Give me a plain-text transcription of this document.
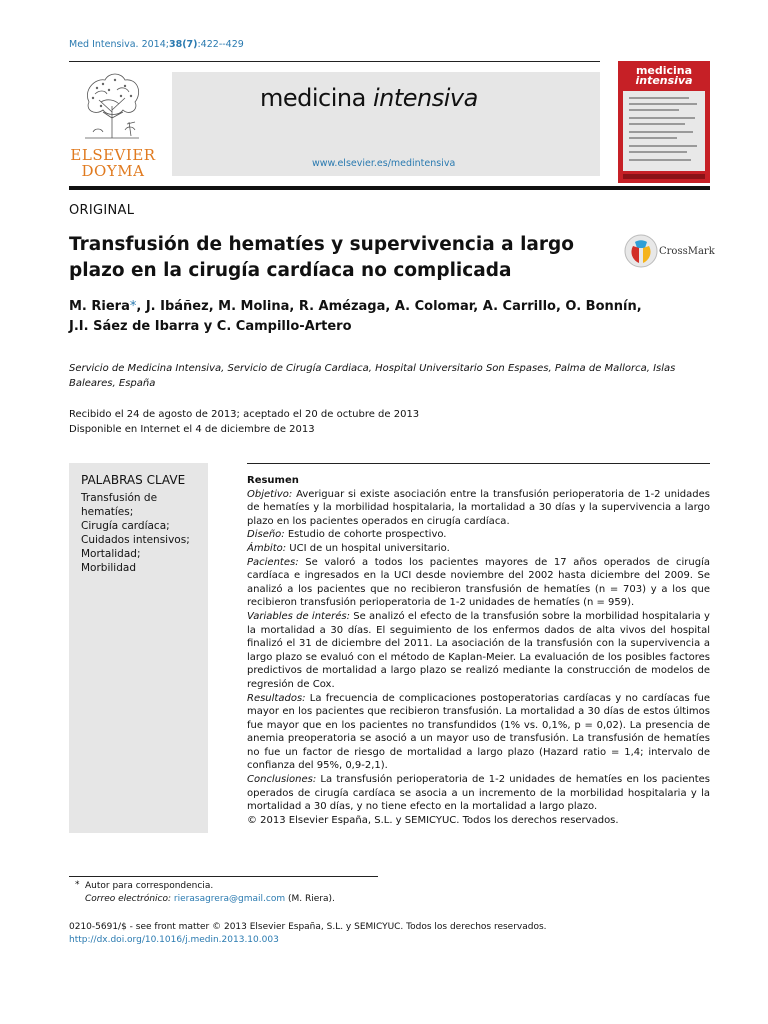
Med Intensiva. 2014;38(7):422--429
ELSEVIER
DOYMA
medicina intensiva
www.elsevier.es/medintensiva
medicina
intensiva
ORIGINAL
Transfusión de hematíes y supervivencia a largo plazo en la cirugía cardíaca no complicada
CrossMark
M. Riera*, J. Ibáñez, M. Molina, R. Amézaga, A. Colomar, A. Carrillo, O. Bonnín,
J.I. Sáez de Ibarra y C. Campillo-Artero
Servicio de Medicina Intensiva, Servicio de Cirugía Cardiaca, Hospital Universitario Son Espases, Palma de Mallorca, Islas Baleares, España
Recibido el 24 de agosto de 2013; aceptado el 20 de octubre de 2013
Disponible en Internet el 4 de diciembre de 2013
PALABRAS CLAVE
Transfusión de hematíes;
Cirugía cardíaca;
Cuidados intensivos;
Mortalidad;
Morbilidad
Resumen
Objetivo: Averiguar si existe asociación entre la transfusión perioperatoria de 1-2 unidades de hematíes y la morbilidad hospitalaria, la mortalidad a 30 días y la supervivencia a largo plazo en los pacientes operados en cirugía cardíaca.
Diseño: Estudio de cohorte prospectivo.
Ámbito: UCI de un hospital universitario.
Pacientes: Se valoró a todos los pacientes mayores de 17 años operados de cirugía cardíaca e ingresados en la UCI desde noviembre del 2002 hasta diciembre del 2009. Se analizó a los pacientes que no recibieron transfusión de hematíes (n = 703) y a los que recibieron transfusión perioperatoria de 1-2 unidades de hematíes (n = 959).
Variables de interés: Se analizó el efecto de la transfusión sobre la morbilidad hospitalaria y la mortalidad a 30 días. El seguimiento de los enfermos dados de alta vivos del hospital finalizó el 31 de diciembre del 2011. La asociación de la transfusión con la supervivencia a largo plazo se evaluó con el método de Kaplan-Meier. La evaluación de los posibles factores predictivos de mortalidad a largo plazo se realizó mediante la construcción de modelos de regresión de Cox.
Resultados: La frecuencia de complicaciones postoperatorias cardíacas y no cardíacas fue mayor en los pacientes que recibieron transfusión. La mortalidad a 30 días de estos últimos fue mayor que en los pacientes no transfundidos (1% vs. 0,1%, p = 0,02). La presencia de anemia preoperatoria se asoció a un mayor uso de transfusión. La transfusión de hematíes no fue un factor de riesgo de mortalidad a largo plazo (Hazard ratio = 1,4; intervalo de confianza del 95%, 0,9-2,1).
Conclusiones: La transfusión perioperatoria de 1-2 unidades de hematíes en los pacientes operados de cirugía cardíaca se asocia a un incremento de la morbilidad hospitalaria y la mortalidad a 30 días, y no tiene efecto en la mortalidad a largo plazo.
© 2013 Elsevier España, S.L. y SEMICYUC. Todos los derechos reservados.
* Autor para correspondencia.
Correo electrónico: rierasagrera@gmail.com (M. Riera).
0210-5691/$ - see front matter © 2013 Elsevier España, S.L. y SEMICYUC. Todos los derechos reservados.
http://dx.doi.org/10.1016/j.medin.2013.10.003
